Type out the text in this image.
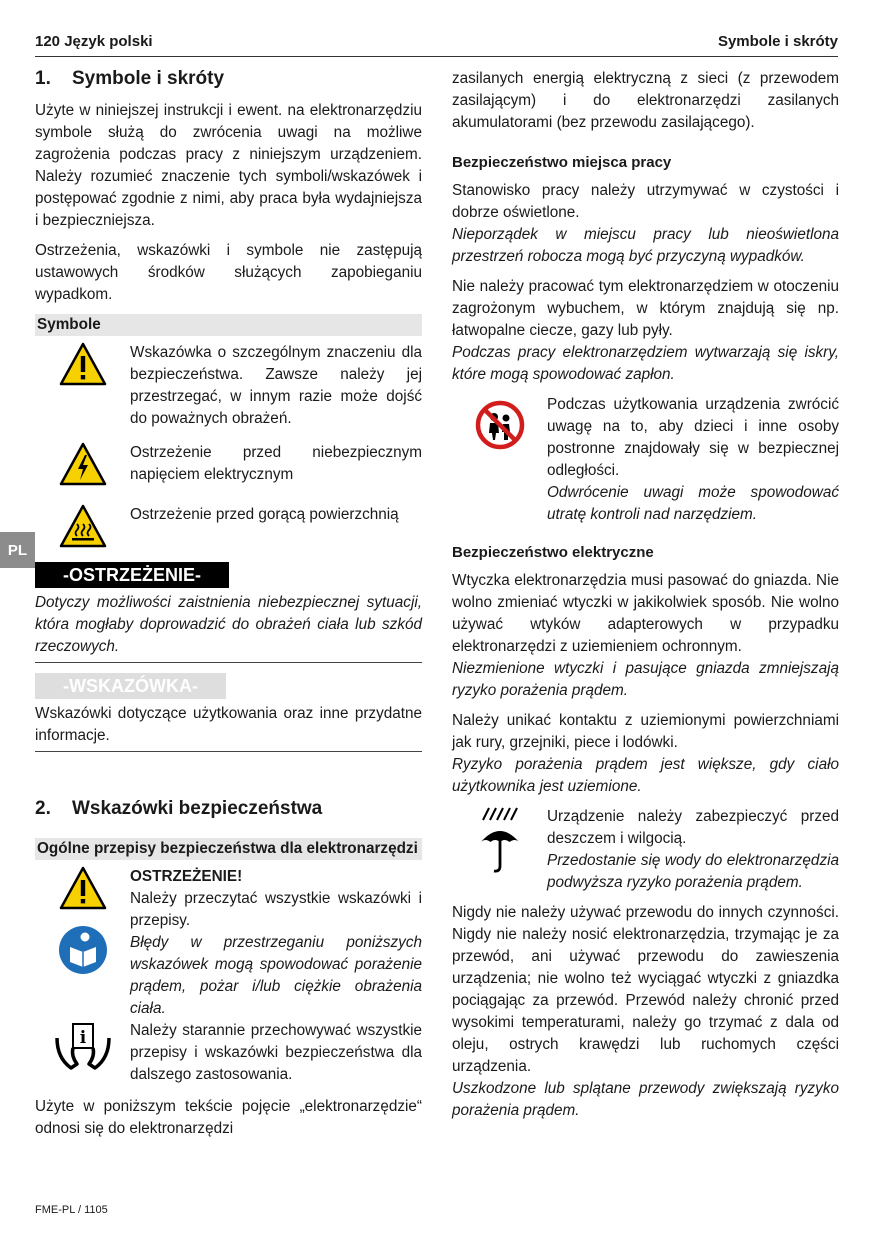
120 Język polski	Symbole i skróty
PL
1.	Symbole i skróty

Użyte w niniejszej instrukcji i ewent. na elektronarzędziu symbole służą do zwrócenia uwagi na możliwe zagrożenia podczas pracy z niniejszym urządzeniem. Należy rozumieć znaczenie tych symboli/wskazówek i postępować zgodnie z nimi, aby praca była wydajniejsza i bezpieczniejsza.

Ostrzeżenia, wskazówki i symbole nie zastępują ustawowych środków służących zapobieganiu wypadkom.

Symbole
Wskazówka o szczególnym znaczeniu dla bezpieczeństwa. Zawsze należy jej przestrzegać, w innym razie może dojść do poważnych obrażeń.
Ostrzeżenie przed niebezpiecznym napięciem elektrycznym
Ostrzeżenie przed gorącą powierzchnią
-OSTRZEŻENIE-

Dotyczy możliwości zaistnienia niebezpiecznej sytuacji, która mogłaby doprowadzić do obrażeń ciała lub szkód rzeczowych.

-WSKAZÓWKA-

Wskazówki dotyczące użytkowania oraz inne przydatne informacje.

2.	Wskazówki bezpieczeństwa
Ogólne przepisy bezpieczeństwa dla elektronarzędzi
OSTRZEŻENIE!
Należy przeczytać wszystkie wskazówki i przepisy.
Błędy w przestrzeganiu poniższych wskazówek mogą spowodować porażenie prądem, pożar i/lub ciężkie obrażenia ciała.
i	Należy starannie przechowywać wszystkie przepisy i wskazówki bezpieczeństwa dla dalszego zastosowania.

Użyte w poniższym tekście pojęcie „elektronarzędzie“ odnosi się do elektronarzędzi

zasilanych energią elektryczną z sieci (z przewodem zasilającym) i do elektronarzędzi zasilanych akumulatorami (bez przewodu zasilającego).

Bezpieczeństwo miejsca pracy
Stanowisko pracy należy utrzymywać w czystości i dobrze oświetlone.

Nieporządek w miejscu pracy lub nieoświetlona przestrzeń robocza mogą być przyczyną wypadków.

Nie należy pracować tym elektronarzędziem w otoczeniu zagrożonym wybuchem, w którym znajdują się np. łatwopalne ciecze, gazy lub pyły.

Podczas pracy elektronarzędziem wytwarzają się iskry, które mogą spowodować zapłon.

Podczas użytkowania urządzenia zwrócić uwagę na to, aby dzieci i inne osoby postronne znajdowały się w bezpiecznej odległości.
Odwrócenie uwagi może spowodować utratę kontroli nad narzędziem.
Bezpieczeństwo elektryczne
Wtyczka elektronarzędzia musi pasować do gniazda. Nie wolno zmieniać wtyczki w jakikolwiek sposób. Nie wolno używać wtyków adapterowych w przypadku elektronarzędzi z uziemieniem ochronnym.

Niezmienione wtyczki i pasujące gniazda zmniejszają ryzyko porażenia prądem.

Należy unikać kontaktu z uziemionymi powierzchniami jak rury, grzejniki, piece i lodówki.

Ryzyko porażenia prądem jest większe, gdy ciało użytkownika jest uziemione.

Urządzenie należy zabezpieczyć przed deszczem i wilgocią.
Przedostanie się wody do elektronarzędzia podwyższa ryzyko porażenia prądem.
Nigdy nie należy używać przewodu do innych czynności. Nigdy nie należy nosić elektronarzędzia, trzymając je za przewód, ani używać przewodu do zawieszenia urządzenia; nie wolno też wyciągać wtyczki z gniazdka pociągając za przewód. Przewód należy chronić przed wysokimi temperaturami, należy go trzymać z dala od oleju, ostrych krawędzi lub ruchomych części urządzenia.

Uszkodzone lub splątane przewody zwiększają ryzyko porażenia prądem.

FME-PL / 1105
